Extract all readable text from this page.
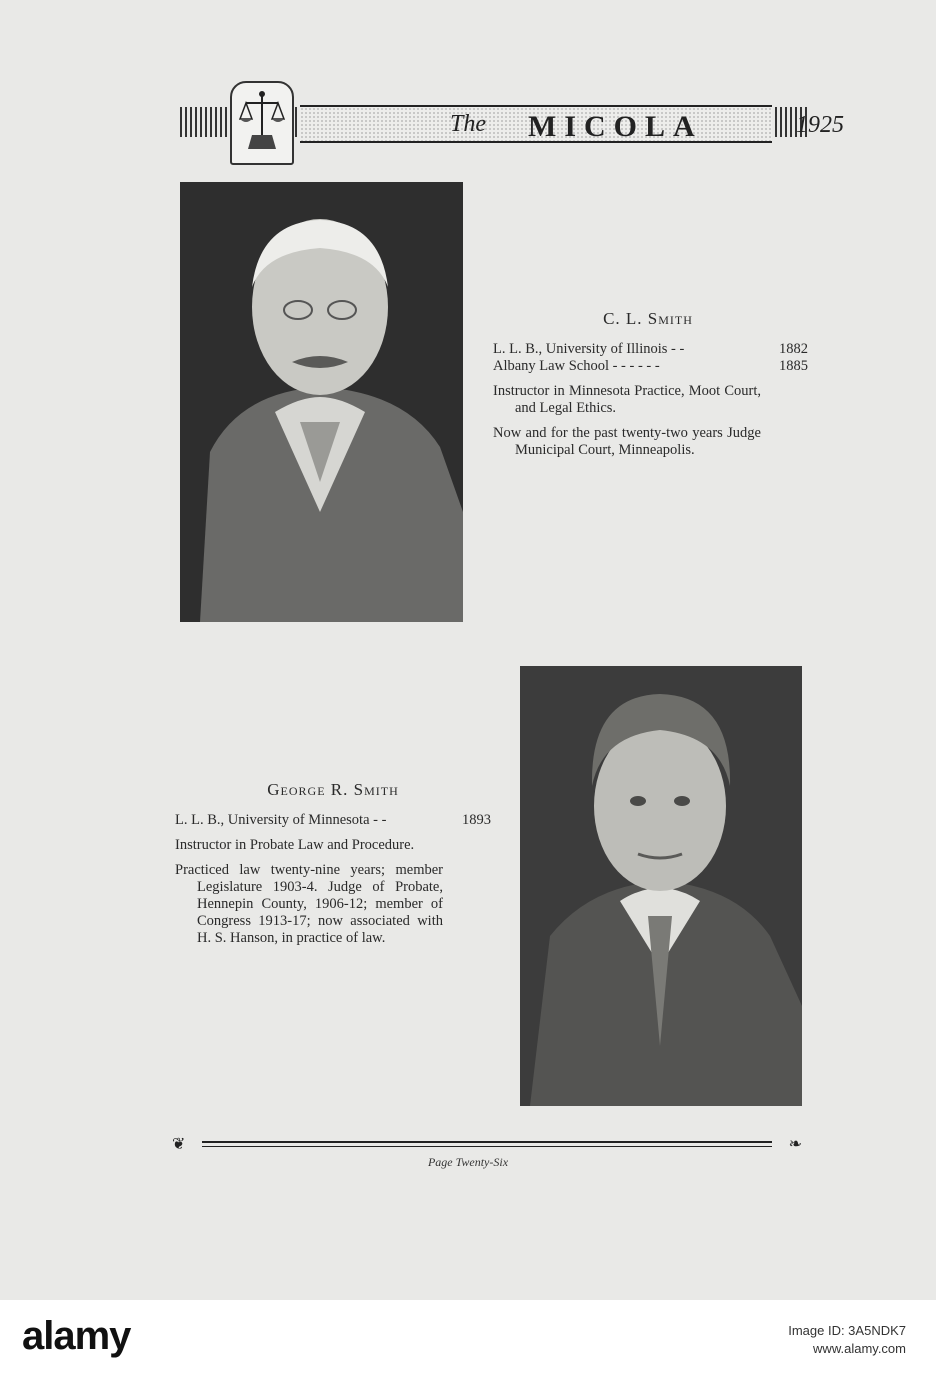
The MICOLA	1925
C. L. Smith
L. L. B., University of Illinois - -	1882
Albany Law School - - - - - -	1885
Instructor in Minnesota Practice, Moot Court, and Legal Ethics.
Now and for the past twenty-two years Judge Municipal Court, Minneapolis.
George R. Smith
L. L. B., University of Minnesota - -	1893
Instructor in Probate Law and Procedure.
Practiced law twenty-nine years; member Legislature 1903-4. Judge of Probate, Hennepin County, 1906-12; member of Congress 1913-17; now associated with H. S. Hanson, in practice of law.
❦	❧
Page Twenty-Six
alamy	Image ID: 3A5NDK7
www.alamy.com
